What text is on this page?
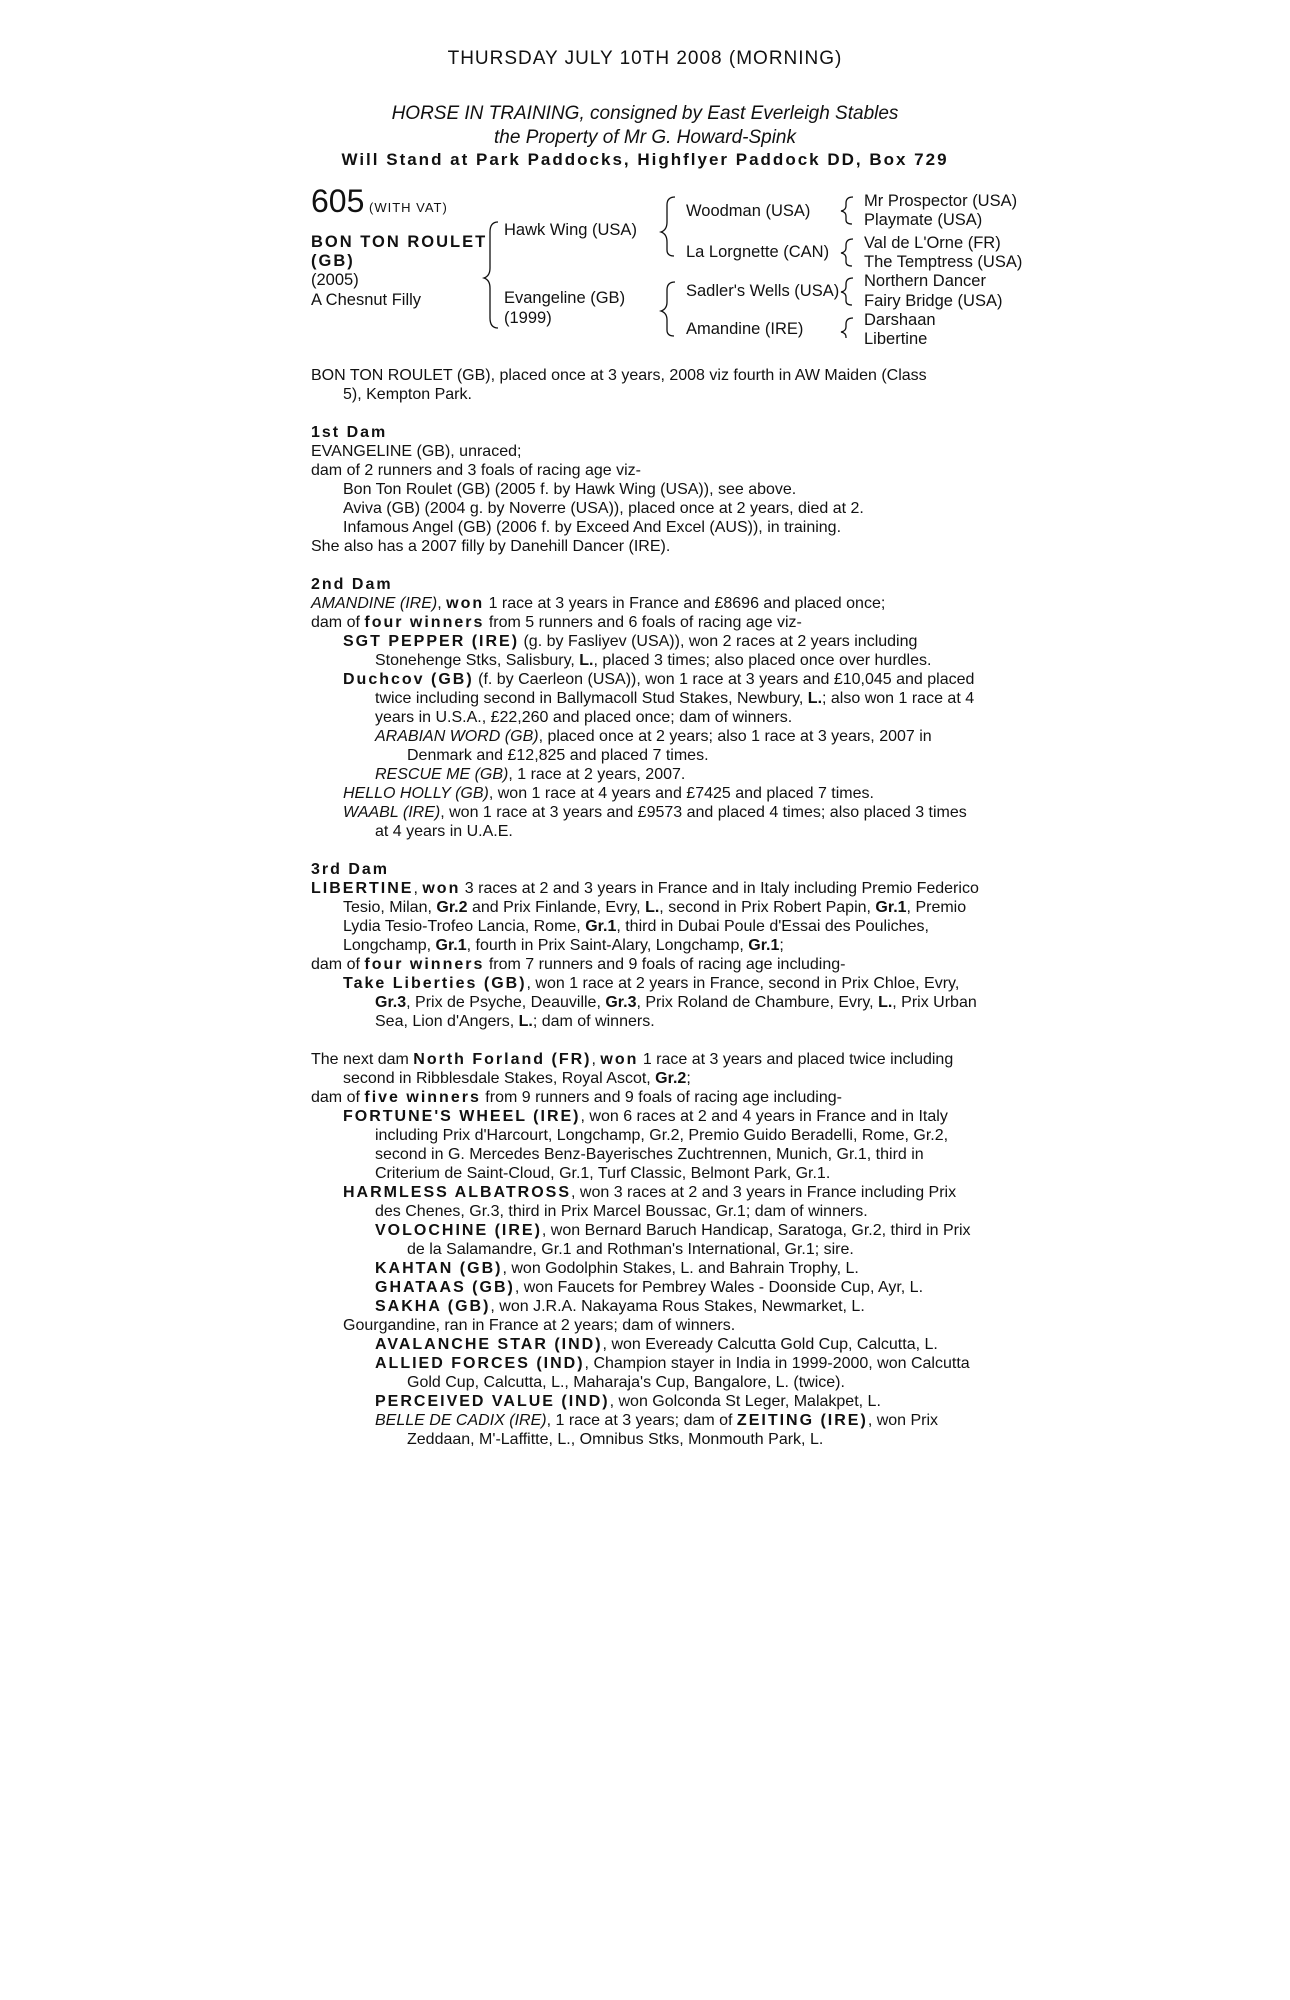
THURSDAY JULY 10TH 2008 (MORNING)
HORSE IN TRAINING, consigned by East Everleigh Stables
the Property of Mr G. Howard-Spink
Will Stand at Park Paddocks, Highflyer Paddock DD, Box 729
605 (WITH VAT)
BON TON ROULET
(GB)
(2005)
A Chesnut Filly
Hawk Wing (USA)
Evangeline (GB)
(1999)
Woodman (USA)
La Lorgnette (CAN)
Sadler's Wells (USA)
Amandine (IRE)
Mr Prospector (USA)
Playmate (USA)
Val de L'Orne (FR)
The Temptress (USA)
Northern Dancer
Fairy Bridge (USA)
Darshaan
Libertine

BON TON ROULET (GB), placed once at 3 years, 2008 viz fourth in AW Maiden (Class

5), Kempton Park.

1st Dam

EVANGELINE (GB), unraced;

dam of 2 runners and 3 foals of racing age viz-

Bon Ton Roulet (GB) (2005 f. by Hawk Wing (USA)), see above.

Aviva (GB) (2004 g. by Noverre (USA)), placed once at 2 years, died at 2.

Infamous Angel (GB) (2006 f. by Exceed And Excel (AUS)), in training.

She also has a 2007 filly by Danehill Dancer (IRE).

2nd Dam

AMANDINE (IRE), won 1 race at 3 years in France and £8696 and placed once;

dam of four winners from 5 runners and 6 foals of racing age viz-

SGT PEPPER (IRE) (g. by Fasliyev (USA)), won 2 races at 2 years including Stonehenge Stks, Salisbury, L., placed 3 times; also placed once over hurdles.

Duchcov (GB) (f. by Caerleon (USA)), won 1 race at 3 years and £10,045 and placed twice including second in Ballymacoll Stud Stakes, Newbury, L.; also won 1 race at 4 years in U.S.A., £22,260 and placed once; dam of winners.

ARABIAN WORD (GB), placed once at 2 years; also 1 race at 3 years, 2007 in Denmark and £12,825 and placed 7 times.

RESCUE ME (GB), 1 race at 2 years, 2007.

HELLO HOLLY (GB), won 1 race at 4 years and £7425 and placed 7 times.

WAABL (IRE), won 1 race at 3 years and £9573 and placed 4 times; also placed 3 times at 4 years in U.A.E.

3rd Dam

LIBERTINE, won 3 races at 2 and 3 years in France and in Italy including Premio Federico Tesio, Milan, Gr.2 and Prix Finlande, Evry, L., second in Prix Robert Papin, Gr.1, Premio Lydia Tesio-Trofeo Lancia, Rome, Gr.1, third in Dubai Poule d'Essai des Pouliches, Longchamp, Gr.1, fourth in Prix Saint-Alary, Longchamp, Gr.1;

dam of four winners from 7 runners and 9 foals of racing age including-

Take Liberties (GB), won 1 race at 2 years in France, second in Prix Chloe, Evry, Gr.3, Prix de Psyche, Deauville, Gr.3, Prix Roland de Chambure, Evry, L., Prix Urban Sea, Lion d'Angers, L.; dam of winners.

The next dam North Forland (FR), won 1 race at 3 years and placed twice including second in Ribblesdale Stakes, Royal Ascot, Gr.2;

dam of five winners from 9 runners and 9 foals of racing age including-

FORTUNE'S WHEEL (IRE), won 6 races at 2 and 4 years in France and in Italy including Prix d'Harcourt, Longchamp, Gr.2, Premio Guido Beradelli, Rome, Gr.2, second in G. Mercedes Benz-Bayerisches Zuchtrennen, Munich, Gr.1, third in Criterium de Saint-Cloud, Gr.1, Turf Classic, Belmont Park, Gr.1.

HARMLESS ALBATROSS, won 3 races at 2 and 3 years in France including Prix des Chenes, Gr.3, third in Prix Marcel Boussac, Gr.1; dam of winners.

VOLOCHINE (IRE), won Bernard Baruch Handicap, Saratoga, Gr.2, third in Prix de la Salamandre, Gr.1 and Rothman's International, Gr.1; sire.

KAHTAN (GB), won Godolphin Stakes, L. and Bahrain Trophy, L.

GHATAAS (GB), won Faucets for Pembrey Wales - Doonside Cup, Ayr, L.

SAKHA (GB), won J.R.A. Nakayama Rous Stakes, Newmarket, L.

Gourgandine, ran in France at 2 years; dam of winners.

AVALANCHE STAR (IND), won Eveready Calcutta Gold Cup, Calcutta, L.

ALLIED FORCES (IND), Champion stayer in India in 1999-2000, won Calcutta Gold Cup, Calcutta, L., Maharaja's Cup, Bangalore, L. (twice).

PERCEIVED VALUE (IND), won Golconda St Leger, Malakpet, L.

BELLE DE CADIX (IRE), 1 race at 3 years; dam of ZEITING (IRE), won Prix Zeddaan, M'-Laffitte, L., Omnibus Stks, Monmouth Park, L.
